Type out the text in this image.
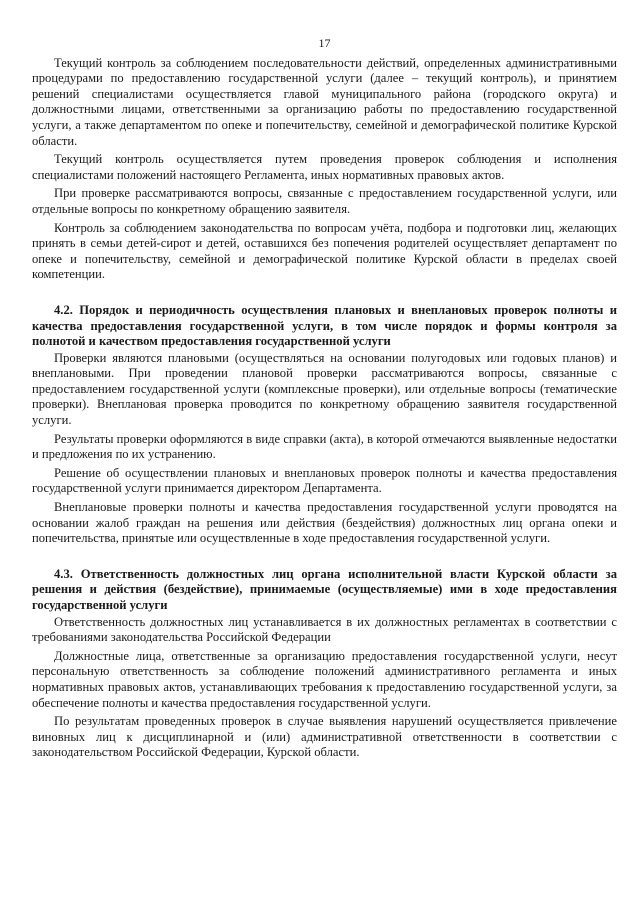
17

Текущий контроль за соблюдением последовательности действий, определенных административными процедурами по предоставлению государственной услуги (далее – текущий контроль), и принятием решений специалистами осуществляется главой муниципального района (городского округа) и должностными лицами, ответственными за организацию работы по предоставлению государственной услуги, а также департаментом по опеке и попечительству, семейной и демографической политике Курской области.

Текущий контроль осуществляется путем проведения проверок соблюдения и исполнения специалистами положений настоящего Регламента, иных нормативных правовых актов.

При проверке рассматриваются вопросы, связанные с предоставлением государственной услуги, или отдельные вопросы по конкретному обращению заявителя.

Контроль за соблюдением законодательства по вопросам учёта, подбора и подготовки лиц, желающих принять в семьи детей-сирот и детей, оставшихся без попечения родителей осуществляет департамент по опеке и попечительству, семейной и демографической политике Курской области в пределах своей компетенции.

4.2. Порядок и периодичность осуществления плановых и внеплановых проверок полноты и качества предоставления государственной услуги, в том числе порядок и формы контроля за полнотой и качеством предоставления государственной услуги

Проверки являются плановыми (осуществляться на основании полугодовых или годовых планов) и внеплановыми. При проведении плановой проверки рассматриваются вопросы, связанные с предоставлением государственной услуги (комплексные проверки), или отдельные вопросы (тематические проверки). Внеплановая проверка проводится по конкретному обращению заявителя государственной услуги.

Результаты проверки оформляются в виде справки (акта), в которой отмечаются выявленные недостатки и предложения по их устранению.

Решение об осуществлении плановых и внеплановых проверок полноты и качества предоставления государственной услуги принимается директором Департамента.

Внеплановые проверки полноты и качества предоставления государственной услуги проводятся на основании жалоб граждан на решения или действия (бездействия) должностных лиц органа опеки и попечительства, принятые или осуществленные в ходе предоставления государственной услуги.

4.3. Ответственность должностных лиц органа исполнительной власти Курской области за решения и действия (бездействие), принимаемые (осуществляемые) ими в ходе предоставления государственной услуги

Ответственность должностных лиц устанавливается в их должностных регламентах в соответствии с требованиями законодательства Российской Федерации

Должностные лица, ответственные за организацию предоставления государственной услуги, несут персональную ответственность за соблюдение положений административного регламента и иных нормативных правовых актов, устанавливающих требования к предоставлению государственной услуги, за обеспечение полноты и качества предоставления государственной услуги.

По результатам проведенных проверок в случае выявления нарушений осуществляется привлечение виновных лиц к дисциплинарной и (или) административной ответственности в соответствии с законодательством Российской Федерации, Курской области.
